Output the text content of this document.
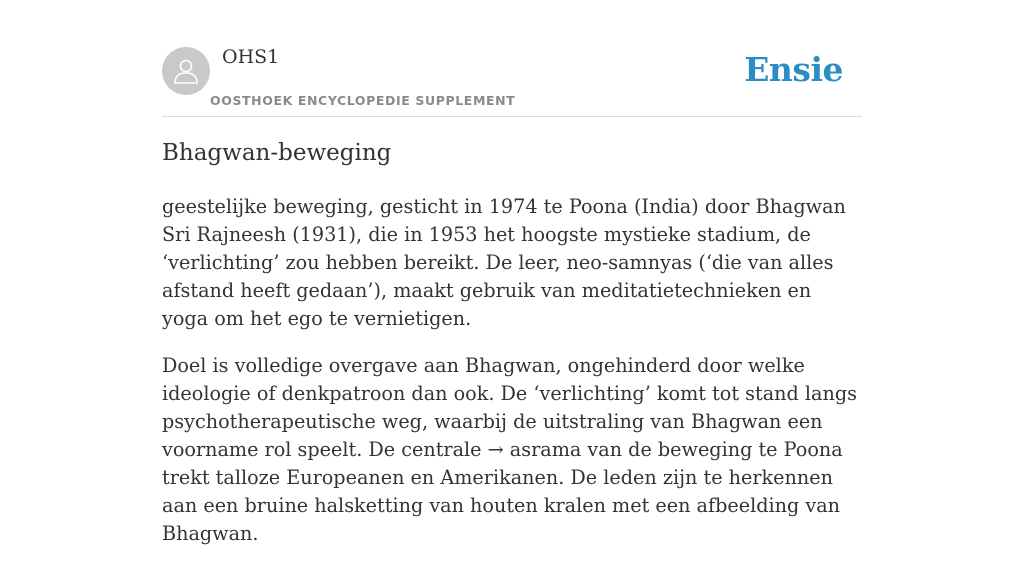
OHS1
OOSTHOEK ENCYCLOPEDIE SUPPLEMENT
Ensie
Bhagwan-beweging

geestelijke beweging, gesticht in 1974 te Poona (India) door Bhagwan Sri Rajneesh (1931), die in 1953 het hoogste mystieke stadium, de ‘verlichting’ zou hebben bereikt. De leer, neo-samnyas (‘die van alles afstand heeft gedaan’), maakt gebruik van meditatietechnieken en yoga om het ego te vernietigen.

Doel is volledige overgave aan Bhagwan, ongehinderd door welke ideologie of denkpatroon dan ook. De ‘verlichting’ komt tot stand langs psychotherapeutische weg, waarbij de uitstraling van Bhagwan een voorname rol speelt. De centrale → asrama van de beweging te Poona trekt talloze Europeanen en Amerikanen. De leden zijn te herkennen aan een bruine halsketting van houten kralen met een afbeelding van Bhagwan.
